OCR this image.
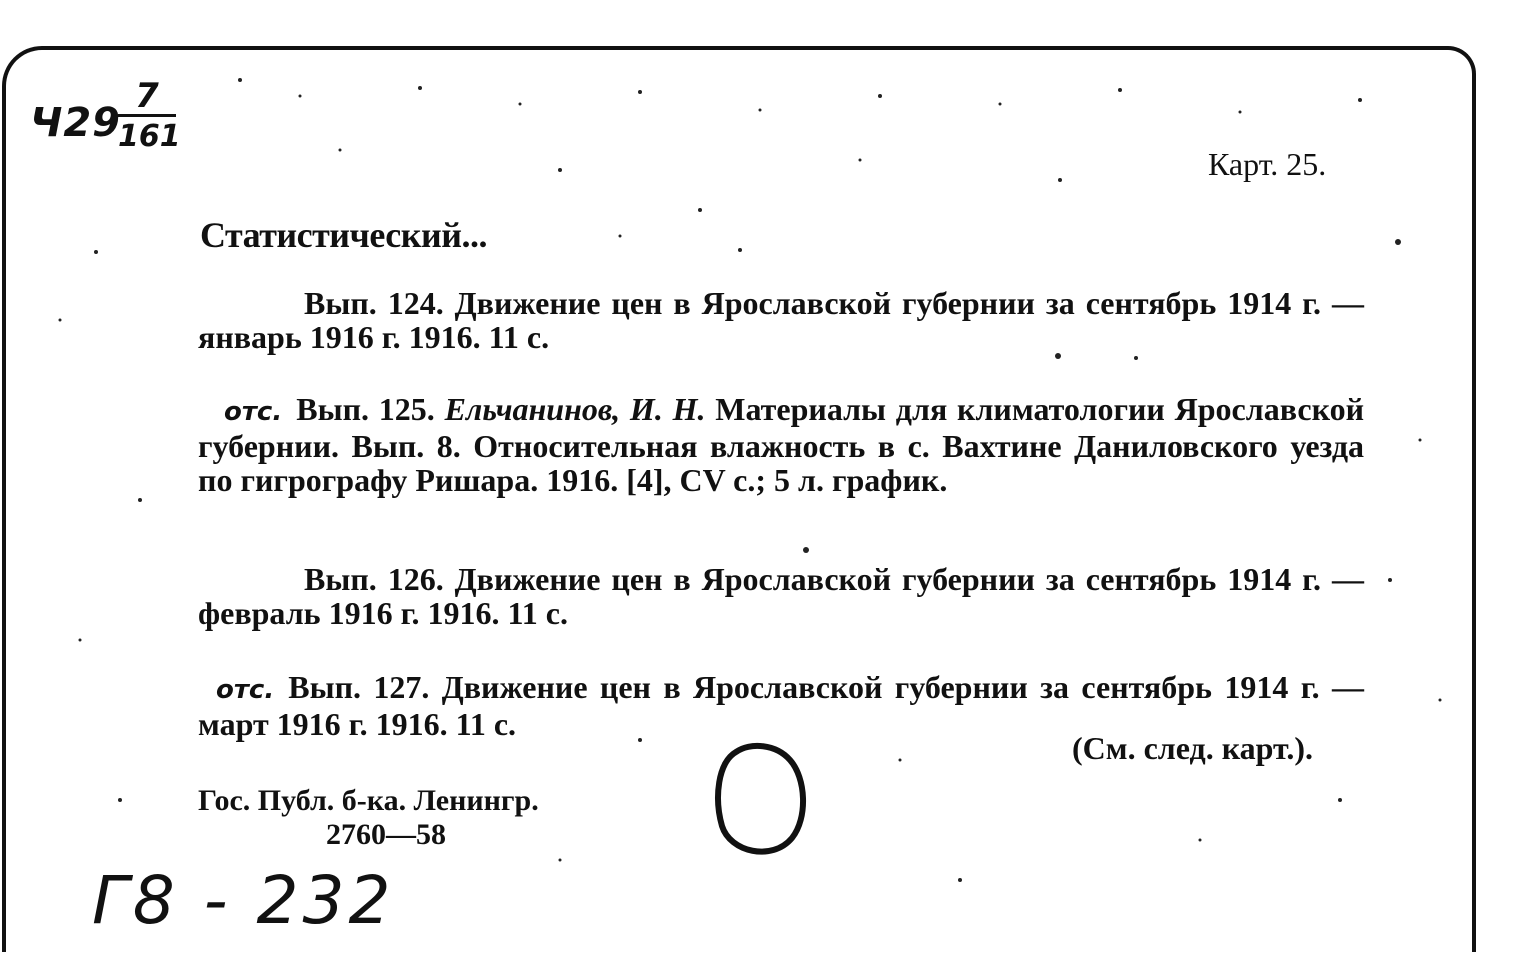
Ч29
$\frac{7}{161}$
Карт. 25.
Статистический...
Вып. 124. Движение цен в Ярославской губернии за сентябрь 1914 г. — январь 1916 г. 1916. 11 с.
отс. Вып. 125. Ельчанинов, И. Н. Материалы для климатологии Ярославской губернии. Вып. 8. Относительная влажность в с. Вахтине Даниловского уезда по гигрографу Ришара. 1916. [4], CV с.; 5 л. график.
Вып. 126. Движение цен в Ярославской губернии за сентябрь 1914 г. — февраль 1916 г. 1916. 11 с.
отс. Вып. 127. Движение цен в Ярославской губернии за сентябрь 1914 г. — март 1916 г. 1916. 11 с.
(См. след. карт.).
Гос. Публ. б-ка. Ленингр.
2760—58
Г8 - 232
